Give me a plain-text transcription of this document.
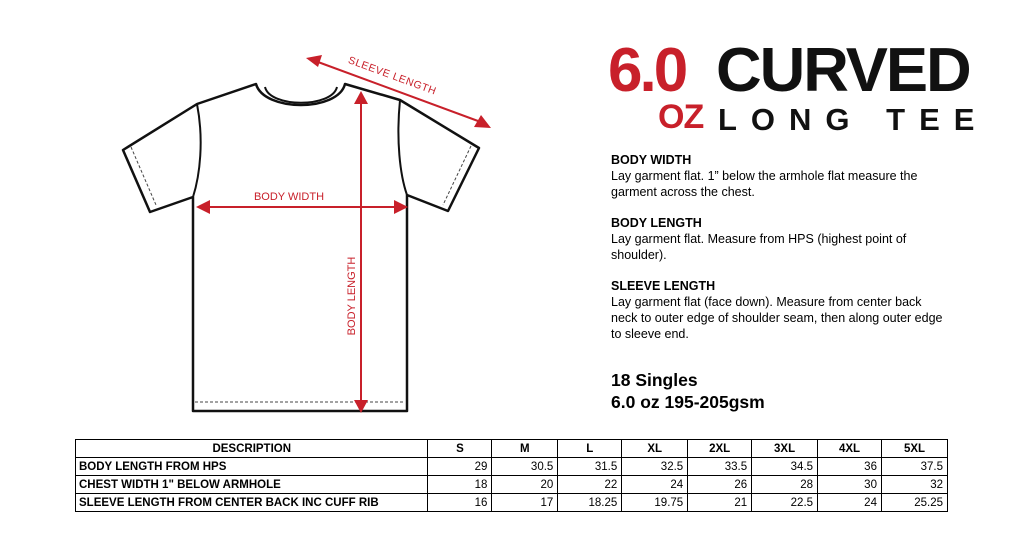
SLEEVE LENGTH
BODY WIDTH
BODY LENGTH
6.0
OZ
CURVED
LONG TEE
BODY WIDTH
Lay garment flat. 1” below the armhole flat measure the garment across the chest.
BODY LENGTH
Lay garment flat. Measure from HPS (highest point of shoulder).
SLEEVE LENGTH
Lay garment flat (face down). Measure from center back neck to outer edge of shoulder seam, then along outer edge to sleeve end.
18 Singles
6.0 oz 195-205gsm
DESCRIPTION	S	M	L	XL	2XL	3XL	4XL	5XL
BODY LENGTH FROM HPS	29	30.5	31.5	32.5	33.5	34.5	36	37.5
CHEST WIDTH 1" BELOW ARMHOLE	18	20	22	24	26	28	30	32
SLEEVE LENGTH FROM CENTER BACK INC CUFF RIB	16	17	18.25	19.75	21	22.5	24	25.25
